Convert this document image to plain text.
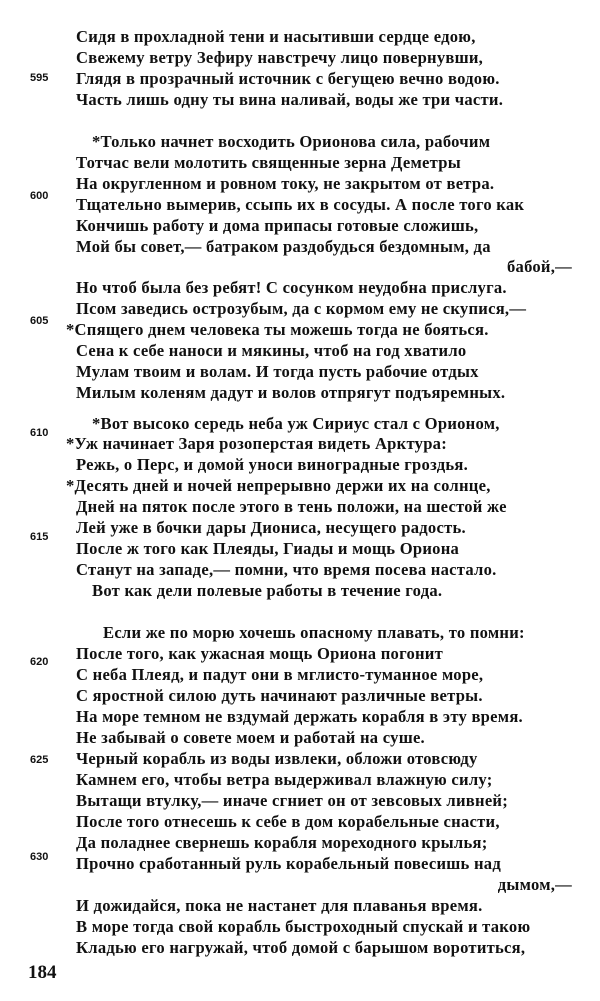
595
600
605
610
615
620
625
630
Сидя в прохладной тени и насытивши сердце едою,
Свежему ветру Зефиру навстречу лицо повернувши,
Глядя в прозрачный источник с бегущею вечно водою.
Часть лишь одну ты вина наливай, воды же три части.
*Только начнет восходить Орионова сила, рабочим
Тотчас вели молотить священные зерна Деметры
На округленном и ровном току, не закрытом от ветра.
Тщательно вымерив, ссыпь их в сосуды. А после того как
Кончишь работу и дома припасы готовые сложишь,
Мой бы совет,— батраком раздобудься бездомным, да
бабой,—
Но чтоб была без ребят! С сосунком неудобна прислуга.
Псом заведись острозубым, да с кормом ему не скупися,—
*Спящего днем человека ты можешь тогда не бояться.
Сена к себе наноси и мякины, чтоб на год хватило
Мулам твоим и волам. И тогда пусть рабочие отдых
Милым коленям дадут и волов отпрягут подъяремных.
*Вот высоко середь неба уж Сириус стал с Орионом,
*Уж начинает Заря розоперстая видеть Арктура:
Режь, о Перс, и домой уноси виноградные гроздья.
*Десять дней и ночей непрерывно держи их на солнце,
Дней на пяток после этого в тень положи, на шестой же
Лей уже в бочки дары Диониса, несущего радость.
После ж того как Плеяды, Гиады и мощь Ориона
Станут на западе,— помни, что время посева настало.
Вот как дели полевые работы в течение года.
Если же по морю хочешь опасному плавать, то помни:
После того, как ужасная мощь Ориона погонит
С неба Плеяд, и падут они в мглисто-туманное море,
С яростной силою дуть начинают различные ветры.
На море темном не вздумай держать корабля в эту время.
Не забывай о совете моем и работай на суше.
Черный корабль из воды извлеки, обложи отовсюду
Камнем его, чтобы ветра выдерживал влажную силу;
Вытащи втулку,— иначе сгниет он от зевсовых ливней;
После того отнесешь к себе в дом корабельные снасти,
Да поладнее свернешь корабля мореходного крылья;
Прочно сработанный руль корабельный повесишь над
дымом,—
И дожидайся, пока не настанет для плаванья время.
В море тогда свой корабль быстроходный спускай и такою
Кладью его нагружай, чтоб домой с барышом воротиться,
184
